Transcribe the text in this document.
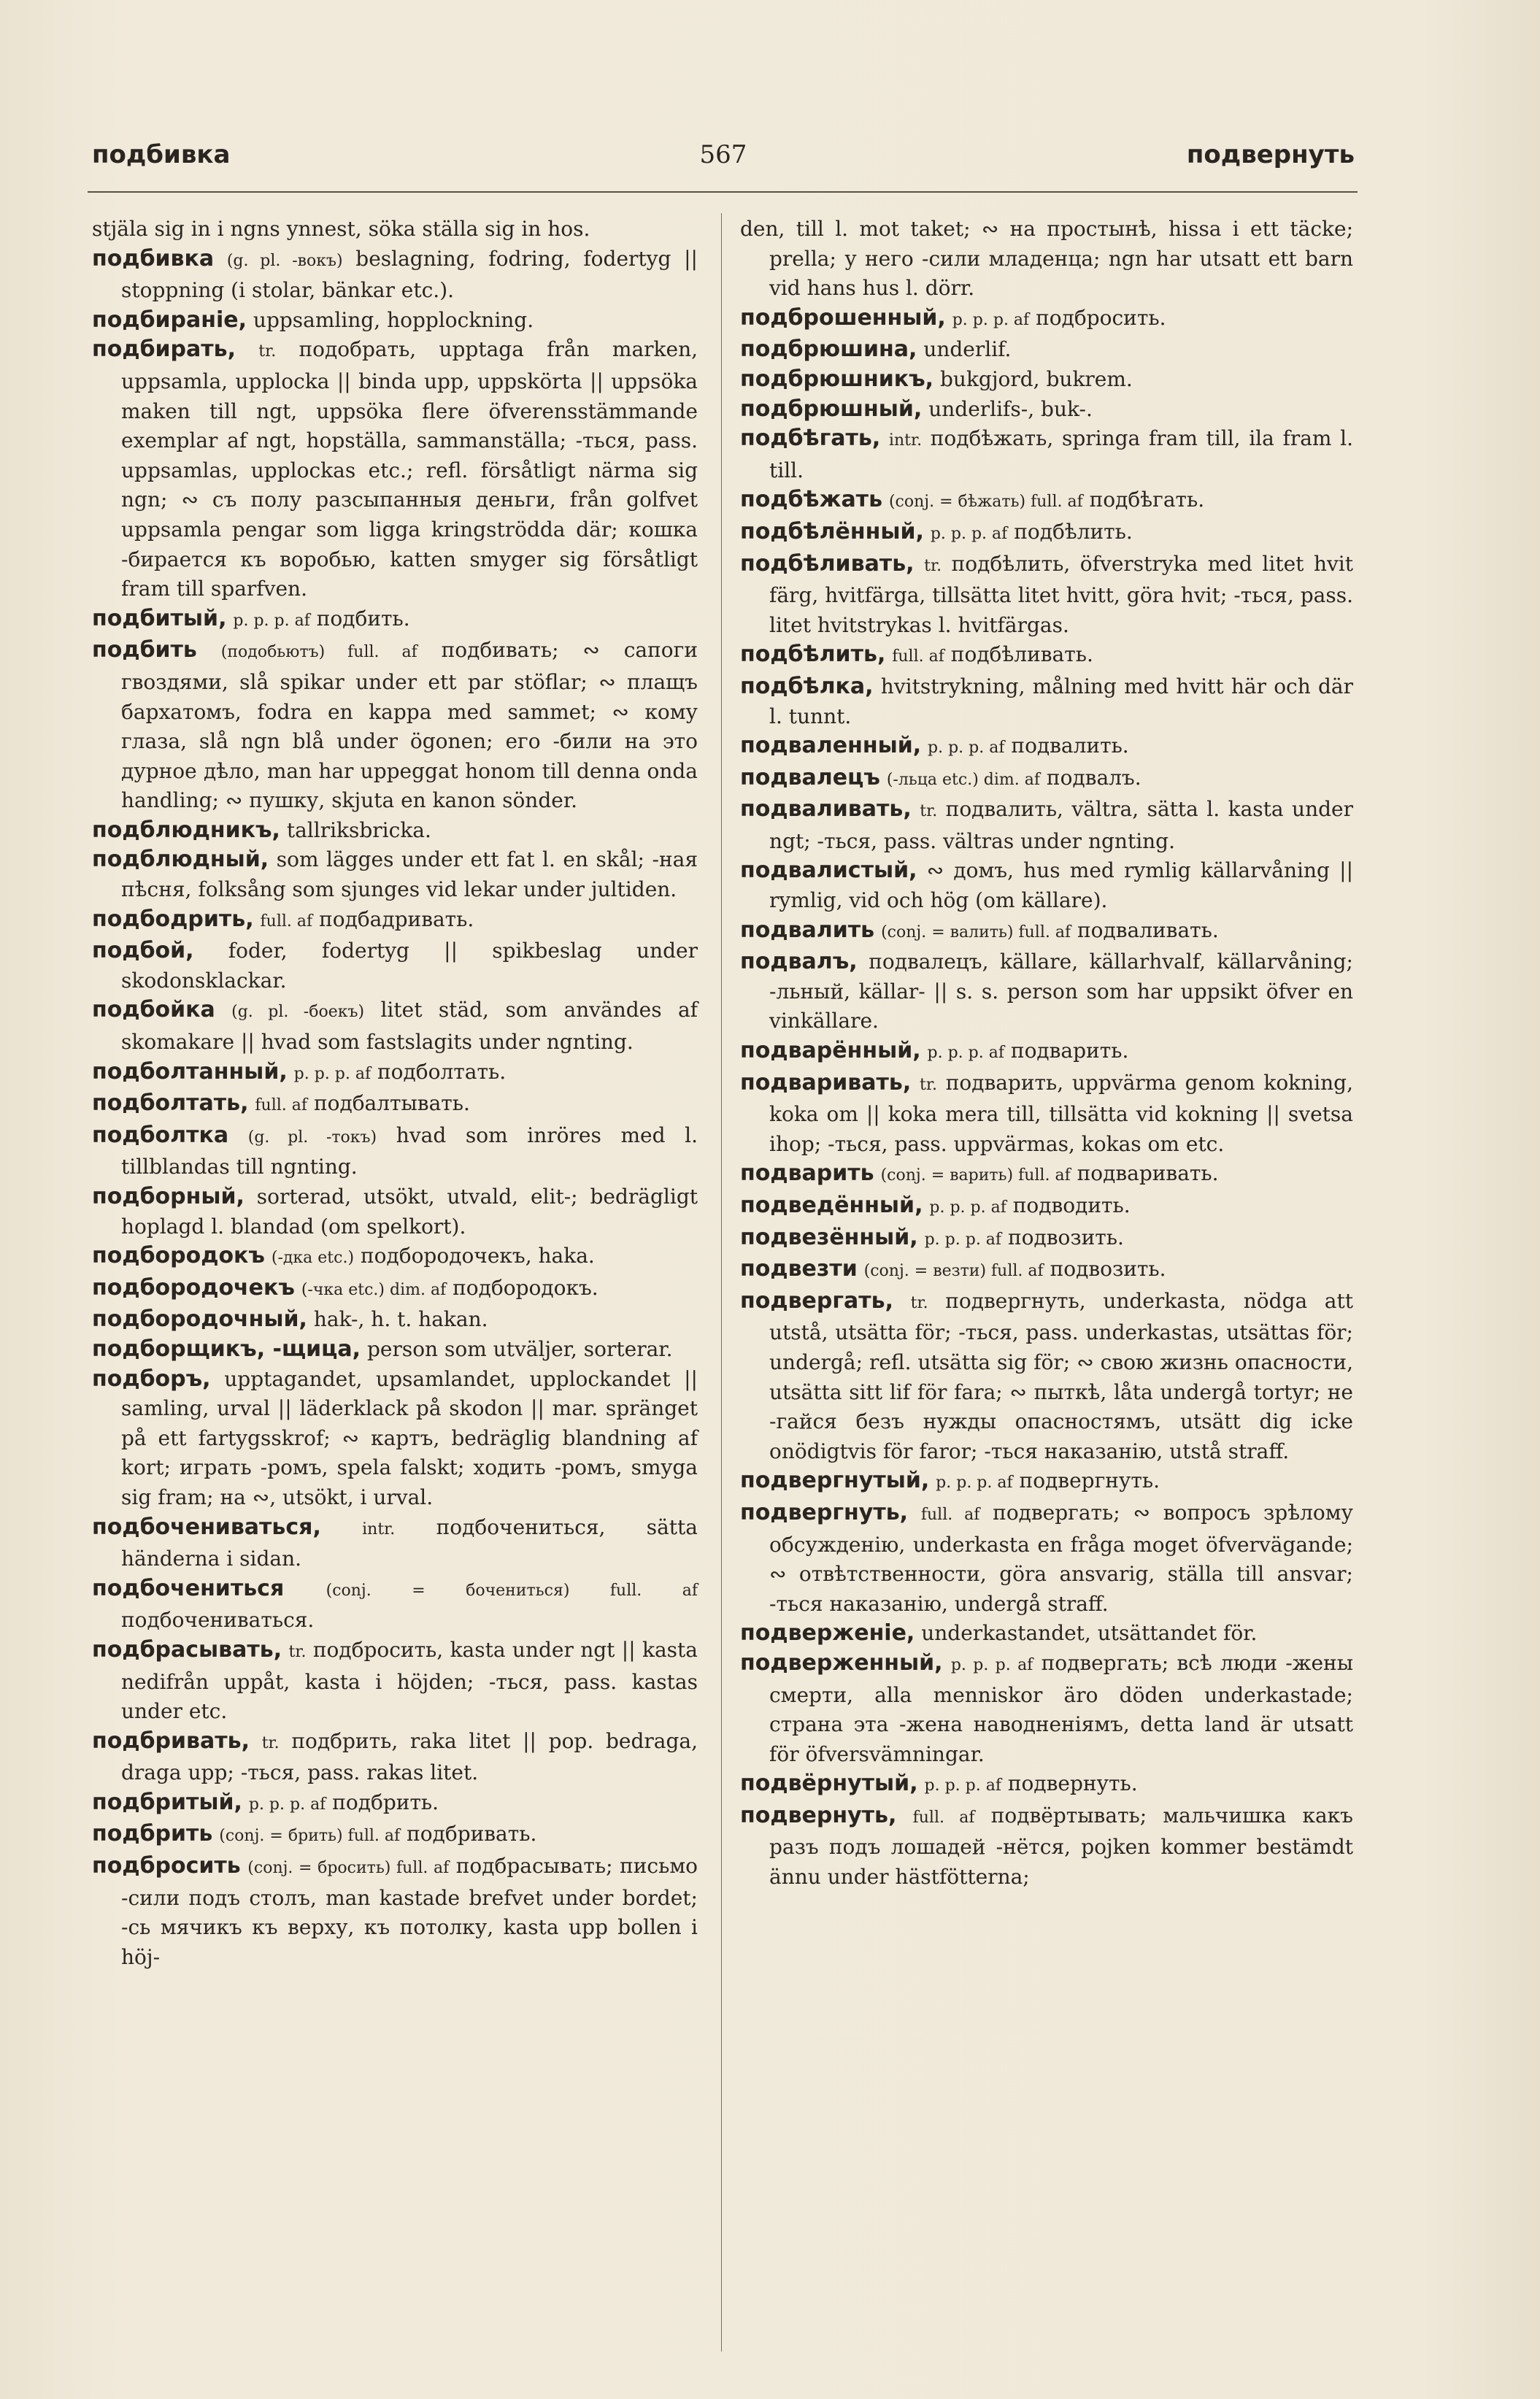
567
подбивка	подвернуть
stjäla sig in i ngns ynnest, söka ställa sig in hos.
подбивка (g. pl. -вокъ) beslagning, fodring, fodertyg || stoppning (i stolar, bänkar etc.).
подбиранiе, uppsamling, hopplockning.
подбирать, tr. подобрать, upptaga från marken, uppsamla, upplocka || binda upp, uppskörta || uppsöka maken till ngt, uppsöka flere öfverensstämmande exemplar af ngt, hopställa, sammanställa; -ться, pass. uppsamlas, upplockas etc.; refl. försåtligt närma sig ngn; ∾ съ полу разсыпанныя деньги, från golfvet uppsamla pengar som ligga kringströdda där; кошка -бирается къ воробью, katten smyger sig försåtligt fram till sparfven.
подбитый, p. p. p. af подбить.
подбить (подобьютъ) full. af подбивать; ∾ сапоги гвоздями, slå spikar under ett par stöflar; ∾ плащъ бархатомъ, fodra en kappa med sammet; ∾ кому глаза, slå ngn blå under ögonen; его -били на это дурное дѣло, man har uppeggat honom till denna onda handling; ∾ пушку, skjuta en kanon sönder.
подблюдникъ, tallriksbricka.
подблюдный, som lägges under ett fat l. en skål; -ная пѣсня, folksång som sjunges vid lekar under jultiden.
подбодрить, full. af подбадривать.
подбой, foder, fodertyg || spikbeslag under skodonsklackar.
подбойка (g. pl. -боекъ) litet städ, som användes af skomakare || hvad som fastslagits under ngnting.
подболтанный, p. p. p. af подболтать.
подболтать, full. af подбалтывать.
подболтка (g. pl. -токъ) hvad som inröres med l. tillblandas till ngnting.
подборный, sorterad, utsökt, utvald, elit-; bedrägligt hoplagd l. blandad (om spelkort).
подбородокъ (-дка etc.) подбородочекъ, haka.
подбородочекъ (-чка etc.) dim. af подбородокъ.
подбородочный, hak-, h. t. hakan.
подборщикъ, -щица, person som utväljer, sorterar.
подборъ, upptagandet, upsamlandet, upplockandet || samling, urval || läderklack på skodon || mar. spränget på ett fartygsskrof; ∾ картъ, bedräglig blandning af kort; играть -ромъ, spela falskt; ходить -ромъ, smyga sig fram; на ∾, utsökt, i urval.
подбочениваться,	intr. подбочениться, sätta händerna i sidan.
подбочениться	(conj. = бочениться) full. af подбочениваться.
подбрасывать, tr. подбросить, kasta under ngt || kasta nedifrån uppåt, kasta i höjden; -ться, pass. kastas under etc.
подбривать, tr. подбрить, raka litet || pop. bedraga, draga upp; -ться, pass. rakas litet.
подбритый, p. p. p. af подбрить.
подбрить (conj. = брить) full. af подбривать.
подбросить (conj. = бросить) full. af подбрасывать; письмо -сили подъ столъ, man kastade brefvet under bordet; -сь мячикъ къ верху, къ потолку, kasta upp bollen i höj-
den, till l. mot taket; ∾ на простынѣ, hissa i ett täcke; prella; у него -сили младенца; ngn har utsatt ett barn vid hans hus l. dörr.
подброшенный, p. p. p. af подбросить.
подбрюшина, underlif.
подбрюшникъ, bukgjord, bukrem.
подбрюшный, underlifs-, buk-.
подбѣгать, intr. подбѣжать, springa fram till, ila fram l. till.
подбѣжать (conj. = бѣжать) full. af подбѣгать.
подбѣлённый, p. p. p. af подбѣлить.
подбѣливать, tr. подбѣлить, öfverstryka med litet hvit färg, hvitfärga, tillsätta litet hvitt, göra hvit; -ться, pass. litet hvitstrykas l. hvitfärgas.
подбѣлить, full. af подбѣливать.
подбѣлка, hvitstrykning, målning med hvitt här och där l. tunnt.
подваленный, p. p. p. af подвалить.
подвалецъ (-льца etc.) dim. af подвалъ.
подваливать, tr. подвалить, vältra, sätta l. kasta under ngt; -ться, pass. vältras under ngnting.
подвалистый, ∾ домъ, hus med rymlig källarvåning || rymlig, vid och hög (om källare).
подвалить (conj. = валить) full. af подваливать.
подвалъ, подвалецъ, källare, källarhvalf, källarvåning; -льный, källar- || s. s. person som har uppsikt öfver en vinkällare.
подварённый, p. p. p. af подварить.
подваривать, tr. подварить, uppvärma genom kokning, koka om || koka mera till, tillsätta vid kokning || svetsa ihop; -ться, pass. uppvärmas, kokas om etc.
подварить (conj. = варить) full. af подваривать.
подведённый, p. p. p. af подводить.
подвезённый, p. p. p. af подвозить.
подвезти (conj. = везти) full. af подвозить.
подвергать, tr. подвергнуть, underkasta, nödga att utstå, utsätta för; -ться, pass. underkastas, utsättas för; undergå; refl. utsätta sig för; ∾ свою жизнь опасности, utsätta sitt lif för fara; ∾ пыткѣ, låta undergå tortyr; не -гайся безъ нужды опасностямъ, utsätt dig icke onödigtvis för faror; -ться наказанiю, utstå straff.
подвергнутый, p. p. p. af подвергнуть.
подвергнуть, full. af подвергать; ∾ вопросъ зрѣлому обсужденiю, underkasta en fråga moget öfvervägande; ∾ отвѣтственности, göra ansvarig, ställa till ansvar; -ться наказанiю, undergå straff.
подверженiе, underkastandet, utsättandet för.
подверженный, p. p. p. af подвергать; всѣ люди -жены смерти, alla menniskor äro döden underkastade; страна эта -жена наводненiямъ, detta land är utsatt för öfversvämningar.
подвёрнутый, p. p. p. af подвернуть.
подвернуть, full. af подвёртывать; мальчишка какъ разъ подъ лошадей -нётся, pojken kommer bestämdt ännu under hästfötterna;
